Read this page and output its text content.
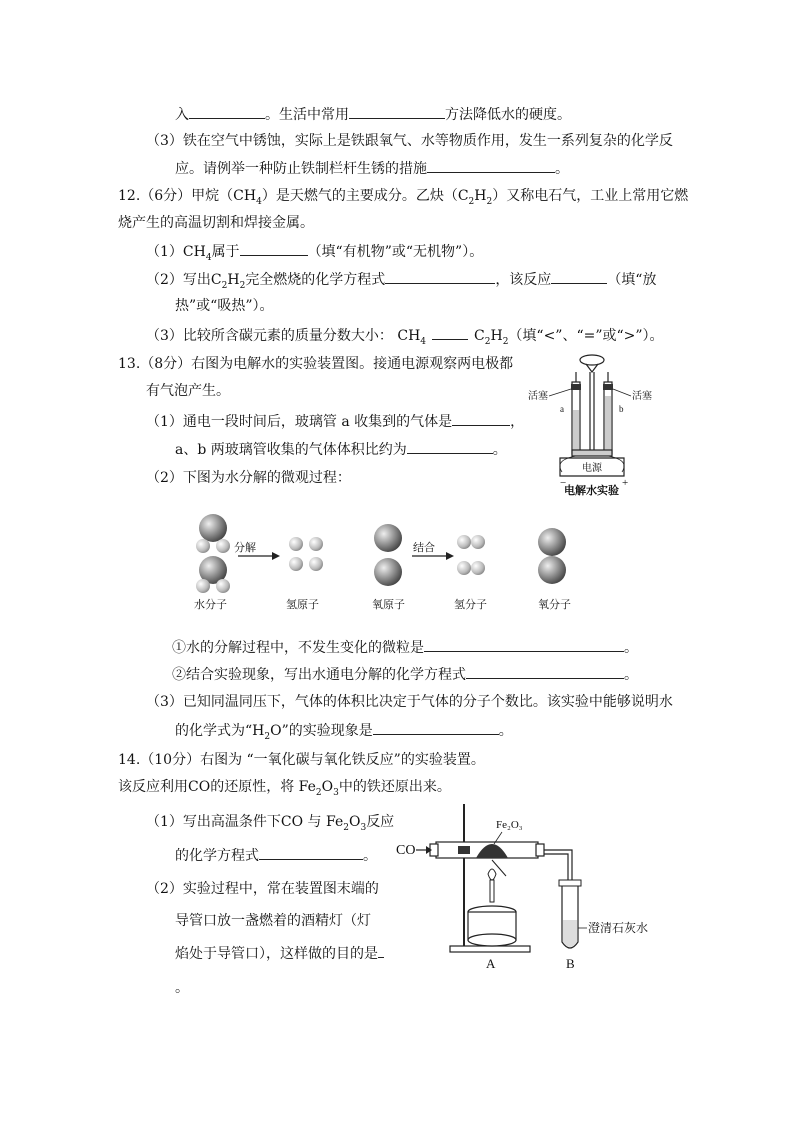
入	。生活中常用	方法降低水的硬度。
（3）铁在空气中锈蚀，实际上是铁跟氧气、水等物质作用，发生一系列复杂的化学反
应。请例举一种防止铁制栏杆生锈的措施	。
12.（6分）甲烷$(CH_4)$是天燃气的主要成分。乙炔$(C_2H_2)$又称电石气，工业上常用它燃
烧产生的高温切割和焊接金属。
$(1)CH_4$属于	（填“有机物”或“无机物”）。
（2）写出$C_2H_2$完全燃烧的化学方程式	，该反应	（填“放
热”或“吸热”）。
（3）比较所含碳元素的质量分数大小： $CH_4$	$C_2H_2$（填“<”、“=”或“>”）。
13.（8分）右图为电解水的实验装置图。接通电源观察两电极都
有气泡产生。
（1）通电一段时间后，玻璃管 a 收集到的气体是	，
a、b 两玻璃管收集的气体体积比约为	。
（2）下图为水分解的微观过程：
活塞	活塞
a	b
电源
−	+
电解水实验
分解	结合
水分子	氢原子	氧原子	氢分子	氧分子
①水的分解过程中，不发生变化的微粒是	。
②结合实验现象，写出水通电分解的化学方程式	。
（3）已知同温同压下，气体的体积比决定于气体的分子个数比。该实验中能够说明水
的化学式为“$H_2O$”的实验现象是	。
14.（10分）右图为 “一氧化碳与氧化铁反应”的实验装置。
该反应利用CO的还原性，将 $Fe_2O_3$中的铁还原出来。
（1）写出高温条件下CO 与 $Fe_2O_3$反应
的化学方程式	。
（2）实验过程中，常在装置图末端的
导管口放一盏燃着的酒精灯（灯
焰处于导管口），这样做的目的是
。
CO
Fe₂O₃
澄清石灰水
A	B
